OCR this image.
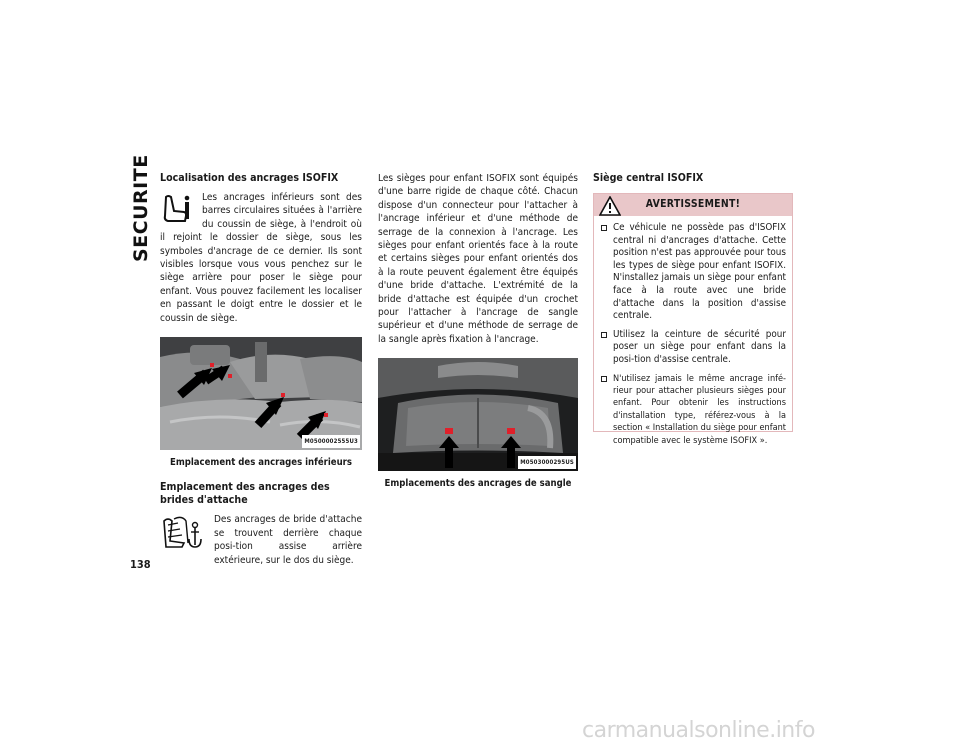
SECURITE
138

Localisation des ancrages ISOFIX

Les ancrages inférieurs sont des barres circulaires situées à l'arrière du coussin de siège, à l'endroit où il rejoint le dossier de siège, sous les symboles d'ancrage de ce dernier. Ils sont visibles lorsque vous vous penchez sur le siège arrière pour poser le siège pour enfant. Vous pouvez facilement les localiser en passant le doigt entre le dossier et le coussin de siège.

M0500002555U3
Emplacement des ancrages inférieurs

Emplacement des ancrages des brides d'attache

Des ancrages de bride d'attache se trouvent derrière chaque posi-tion assise arrière extérieure, sur le dos du siège.

Les sièges pour enfant ISOFIX sont équipés d'une barre rigide de chaque côté. Chacun dispose d'un connecteur pour l'attacher à l'ancrage inférieur et d'une méthode de serrage de la connexion à l'ancrage. Les sièges pour enfant orientés face à la route et certains sièges pour enfant orientés dos à la route peuvent également être équipés d'une bride d'attache. L'extrémité de la bride d'attache est équipée d'un crochet pour l'attacher à l'ancrage de sangle supérieur et d'une méthode de serrage de la sangle après fixation à l'ancrage.

M0503000295US
Emplacements des ancrages de sangle

Siège central ISOFIX

AVERTISSEMENT!
Ce véhicule ne possède pas d'ISOFIX central ni d'ancrages d'attache. Cette position n'est pas approuvée pour tous les types de siège pour enfant ISOFIX. N'installez jamais un siège pour enfant face à la route avec une bride d'attache dans la position d'assise centrale.
Utilisez la ceinture de sécurité pour poser un siège pour enfant dans la posi-tion d'assise centrale.
N'utilisez jamais le même ancrage infé-rieur pour attacher plusieurs sièges pour enfant. Pour obtenir les instructions d'installation type, référez-vous à la section « Installation du siège pour enfant compatible avec le système ISOFIX ».
carmanualsonline.info
